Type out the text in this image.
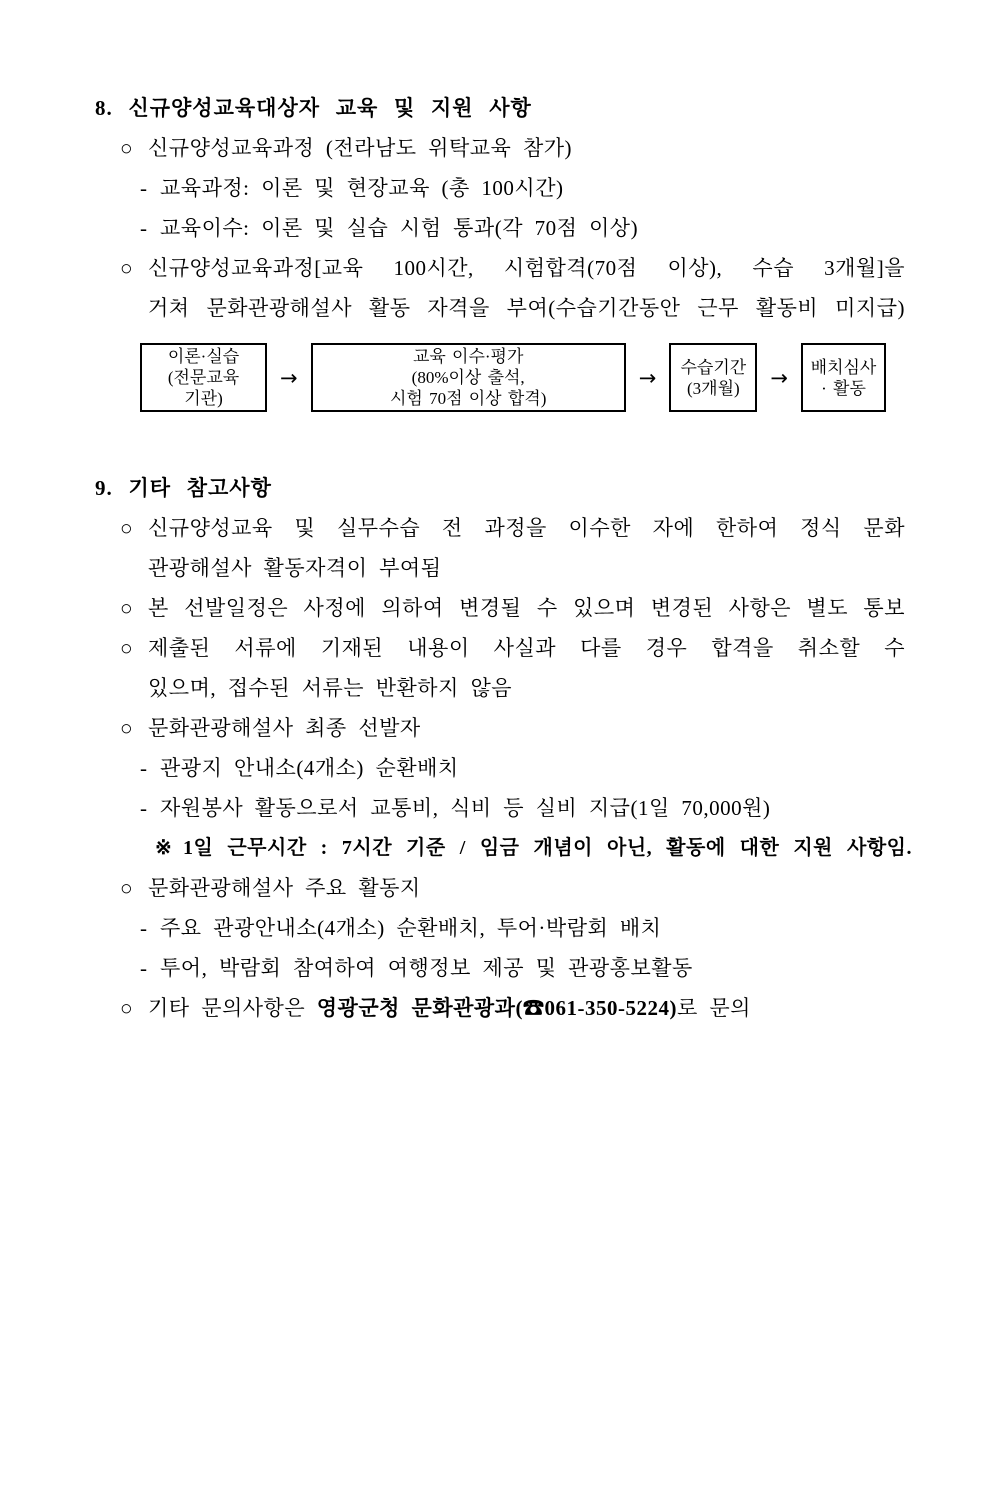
8. 신규양성교육대상자 교육 및 지원 사항
○ 신규양성교육과정 (전라남도 위탁교육 참가)
- 교육과정: 이론 및 현장교육 (총 100시간)
- 교육이수: 이론 및 실습 시험 통과(각 70점 이상)
○ 신규양성교육과정[교육 100시간, 시험합격(70점 이상), 수습 3개월]을
거쳐 문화관광해설사 활동 자격을 부여(수습기간동안 근무 활동비 미지급)
이론·실습
(전문교육
기관)
→
교육 이수·평가
(80%이상 출석,
시험 70점 이상 합격)
→	수습기간
(3개월)	→	배치심사
· 활동
9. 기타 참고사항
○ 신규양성교육 및 실무수습 전 과정을 이수한 자에 한하여 정식 문화
관광해설사 활동자격이 부여됨
○ 본 선발일정은 사정에 의하여 변경될 수 있으며 변경된 사항은 별도 통보
○ 제출된 서류에 기재된 내용이 사실과 다를 경우 합격을 취소할 수
있으며, 접수된 서류는 반환하지 않음
○ 문화관광해설사 최종 선발자
- 관광지 안내소(4개소) 순환배치
- 자원봉사 활동으로서 교통비, 식비 등 실비 지급(1일 70,000원)
※ 1일 근무시간 : 7시간 기준 / 임금 개념이 아닌, 활동에 대한 지원 사항임.
○ 문화관광해설사 주요 활동지
- 주요 관광안내소(4개소) 순환배치, 투어·박람회 배치
- 투어, 박람회 참여하여 여행정보 제공 및 관광홍보활동
○ 기타 문의사항은 영광군청 문화관광과(☎061-350-5224)로 문의
